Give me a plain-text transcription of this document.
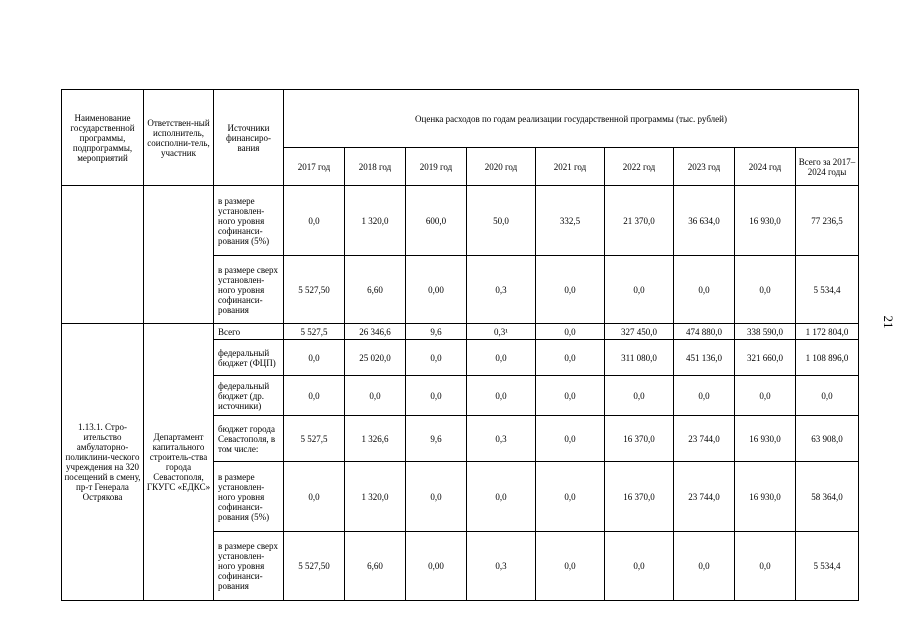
Наименование государственной программы, подпрограммы, мероприятий	Ответствен-ный исполнитель, соисполни-тель, участник	Источники финансиро-вания	Оценка расходов по годам реализации государственной программы (тыс. рублей)								
			2017 год	2018 год	2019 год	2020 год	2021 год	2022 год	2023 год	2024 год	Всего за 2017–2024 годы
		в размере установлен-ного уровня софинанси-рования (5%)	0,0	1 320,0	600,0	50,0	332,5	21 370,0	36 634,0	16 930,0	77 236,5
		в размере сверх установлен-ного уровня софинанси-рования	5 527,50	6,60	0,00	0,3	0,0	0,0	0,0	0,0	5 534,4
1.13.1. Стро-ительство амбулаторно-поликлини-ческого учреждения на 320 посещений в смену, пр-т Генерала Острякова	Департамент капитального строитель-ства города Севастополя, ГКУГС «ЕДКС»	Всего	5 527,5	26 346,6	9,6	0,3¹	0,0	327 450,0	474 880,0	338 590,0	1 172 804,0
		федеральный бюджет (ФЦП)	0,0	25 020,0	0,0	0,0	0,0	311 080,0	451 136,0	321 660,0	1 108 896,0
		федеральный бюджет (др. источники)	0,0	0,0	0,0	0,0	0,0	0,0	0,0	0,0	0,0
		бюджет города Севастополя, в том числе:	5 527,5	1 326,6	9,6	0,3	0,0	16 370,0	23 744,0	16 930,0	63 908,0
		в размере установлен-ного уровня софинанси-рования (5%)	0,0	1 320,0	0,0	0,0	0,0	16 370,0	23 744,0	16 930,0	58 364,0
		в размере сверх установлен-ного уровня софинанси-рования	5 527,50	6,60	0,00	0,3	0,0	0,0	0,0	0,0	5 534,4
21
